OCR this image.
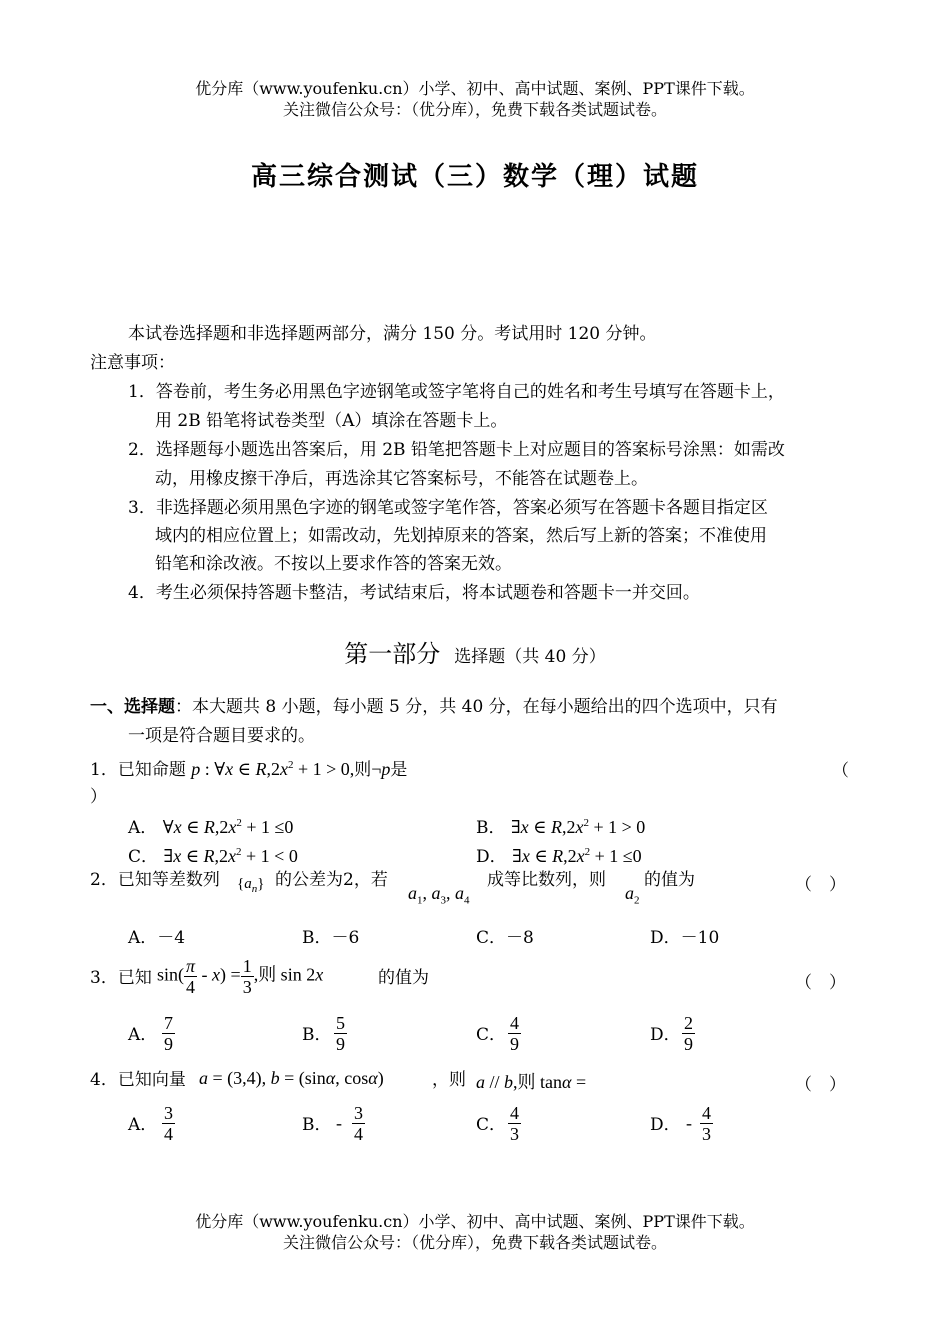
优分库（www.youfenku.cn）小学、初中、高中试题、案例、PPT课件下载。
关注微信公众号：（优分库），免费下载各类试题试卷。
高三综合测试（三）数学（理）试题
本试卷选择题和非选择题两部分，满分 150 分。考试用时 120 分钟。
注意事项：
1．答卷前，考生务必用黑色字迹钢笔或签字笔将自己的姓名和考生号填写在答题卡上，
用 2B 铅笔将试卷类型（A）填涂在答题卡上。
2．选择题每小题选出答案后，用 2B 铅笔把答题卡上对应题目的答案标号涂黑：如需改
动，用橡皮擦干净后，再选涂其它答案标号，不能答在试题卷上。
3．非选择题必须用黑色字迹的钢笔或签字笔作答，答案必须写在答题卡各题目指定区
域内的相应位置上；如需改动，先划掉原来的答案，然后写上新的答案；不准使用
铅笔和涂改液。不按以上要求作答的答案无效。
4．考生必须保持答题卡整洁，考试结束后，将本试题卷和答题卡一并交回。
第一部分 选择题（共 40 分）
一、选择题：本大题共 8 小题，每小题 5 分，共 40 分，在每小题给出的四个选项中，只有
一项是符合题目要求的。
1．已知命题 p : ∀x ∈ $R,2x^2 + 1 > 0$,则¬p是	（
）
A． ∀x ∈ $R,2x^2 + 1 \le 0$	B． ∃x ∈ $R,2x^2 + 1 > 0$
C． ∃x ∈ $R,2x^2 + 1 < 0$	D． ∃x ∈ $R,2x^2 + 1 \le 0$
2．已知等差数列 $\{a_n\}$ 的公差为2，若
$a_1$, $a_3$, $a_4$
成等比数列，则
$a_2$
的值为	（　）
A．－4	B．－6	C．－8	D．－10
3．已知 $\sin( \frac{\pi}{4} - x) = \frac{1}{3}$ ,则 sin 2x	的值为	（　）
A． $\frac{7}{9}$	B． $\frac{5}{9}$	C． $\frac{4}{9}$	D． $\frac{2}{9}$
4．已知向量 a = (3,4), b = (sinα, cosα)	，则 a // b,则 tanα =	（　）
A． $\frac{3}{4}$	B． - $\frac{3}{4}$	C． $\frac{4}{3}$	D． - $\frac{4}{3}$
优分库（www.youfenku.cn）小学、初中、高中试题、案例、PPT课件下载。
关注微信公众号：（优分库），免费下载各类试题试卷。
